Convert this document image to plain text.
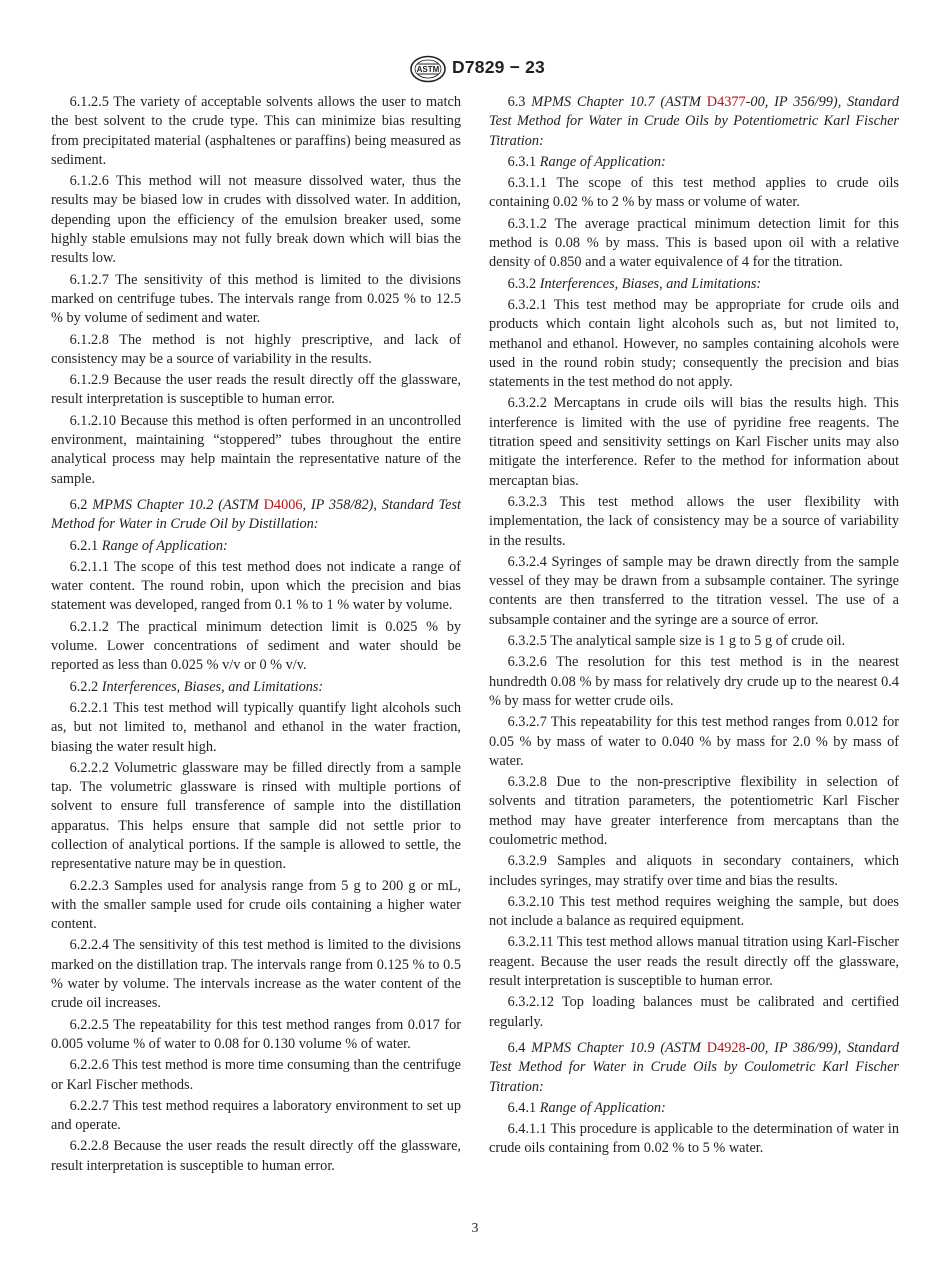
ASTM D7829 − 23

6.1.2.5 The variety of acceptable solvents allows the user to match the best solvent to the crude type. This can minimize bias resulting from precipitated material (asphaltenes or paraffins) being measured as sediment.

6.1.2.6 This method will not measure dissolved water, thus the results may be biased low in crudes with dissolved water. In addition, depending upon the efficiency of the emulsion breaker used, some highly stable emulsions may not fully break down which will bias the results low.

6.1.2.7 The sensitivity of this method is limited to the divisions marked on centrifuge tubes. The intervals range from 0.025 % to 12.5 % by volume of sediment and water.

6.1.2.8 The method is not highly prescriptive, and lack of consistency may be a source of variability in the results.

6.1.2.9 Because the user reads the result directly off the glassware, result interpretation is susceptible to human error.

6.1.2.10 Because this method is often performed in an uncontrolled environment, maintaining “stoppered” tubes throughout the entire analytical process may help maintain the representative nature of the sample.

6.2 MPMS Chapter 10.2 (ASTM D4006, IP 358/82), Standard Test Method for Water in Crude Oil by Distillation:

6.2.1 Range of Application:

6.2.1.1 The scope of this test method does not indicate a range of water content. The round robin, upon which the precision and bias statement was developed, ranged from 0.1 % to 1 % water by volume.

6.2.1.2 The practical minimum detection limit is 0.025 % by volume. Lower concentrations of sediment and water should be reported as less than 0.025 % v/v or 0 % v/v.

6.2.2 Interferences, Biases, and Limitations:

6.2.2.1 This test method will typically quantify light alcohols such as, but not limited to, methanol and ethanol in the water fraction, biasing the water result high.

6.2.2.2 Volumetric glassware may be filled directly from a sample tap. The volumetric glassware is rinsed with multiple portions of solvent to ensure full transference of sample into the distillation apparatus. This helps ensure that sample did not settle prior to collection of analytical portions. If the sample is allowed to settle, the representative nature may be in question.

6.2.2.3 Samples used for analysis range from 5 g to 200 g or mL, with the smaller sample used for crude oils containing a higher water content.

6.2.2.4 The sensitivity of this test method is limited to the divisions marked on the distillation trap. The intervals range from 0.125 % to 0.5 % water by volume. The intervals increase as the water content of the crude oil increases.

6.2.2.5 The repeatability for this test method ranges from 0.017 for 0.005 volume % of water to 0.08 for 0.130 volume % of water.

6.2.2.6 This test method is more time consuming than the centrifuge or Karl Fischer methods.

6.2.2.7 This test method requires a laboratory environment to set up and operate.

6.2.2.8 Because the user reads the result directly off the glassware, result interpretation is susceptible to human error.

6.3 MPMS Chapter 10.7 (ASTM D4377-00, IP 356/99), Standard Test Method for Water in Crude Oils by Potentiometric Karl Fischer Titration:

6.3.1 Range of Application:

6.3.1.1 The scope of this test method applies to crude oils containing 0.02 % to 2 % by mass or volume of water.

6.3.1.2 The average practical minimum detection limit for this method is 0.08 % by mass. This is based upon oil with a relative density of 0.850 and a water equivalence of 4 for the titration.

6.3.2 Interferences, Biases, and Limitations:

6.3.2.1 This test method may be appropriate for crude oils and products which contain light alcohols such as, but not limited to, methanol and ethanol. However, no samples containing alcohols were used in the round robin study; consequently the precision and bias statements in the test method do not apply.

6.3.2.2 Mercaptans in crude oils will bias the results high. This interference is limited with the use of pyridine free reagents. The titration speed and sensitivity settings on Karl Fischer units may also mitigate the interference. Refer to the method for information about mercaptan bias.

6.3.2.3 This test method allows the user flexibility with implementation, the lack of consistency may be a source of variability in the results.

6.3.2.4 Syringes of sample may be drawn directly from the sample vessel of they may be drawn from a subsample container. The syringe contents are then transferred to the titration vessel. The use of a subsample container and the syringe are a source of error.

6.3.2.5 The analytical sample size is 1 g to 5 g of crude oil.

6.3.2.6 The resolution for this test method is in the nearest hundredth 0.08 % by mass for relatively dry crude up to the nearest 0.4 % by mass for wetter crude oils.

6.3.2.7 This repeatability for this test method ranges from 0.012 for 0.05 % by mass of water to 0.040 % by mass for 2.0 % by mass of water.

6.3.2.8 Due to the non-prescriptive flexibility in selection of solvents and titration parameters, the potentiometric Karl Fischer method may have greater interference from mercaptans than the coulometric method.

6.3.2.9 Samples and aliquots in secondary containers, which includes syringes, may stratify over time and bias the results.

6.3.2.10 This test method requires weighing the sample, but does not include a balance as required equipment.

6.3.2.11 This test method allows manual titration using Karl-Fischer reagent. Because the user reads the result directly off the glassware, result interpretation is susceptible to human error.

6.3.2.12 Top loading balances must be calibrated and certified regularly.

6.4 MPMS Chapter 10.9 (ASTM D4928-00, IP 386/99), Standard Test Method for Water in Crude Oils by Coulometric Karl Fischer Titration:

6.4.1 Range of Application:

6.4.1.1 This procedure is applicable to the determination of water in crude oils containing from 0.02 % to 5 % water.

3
